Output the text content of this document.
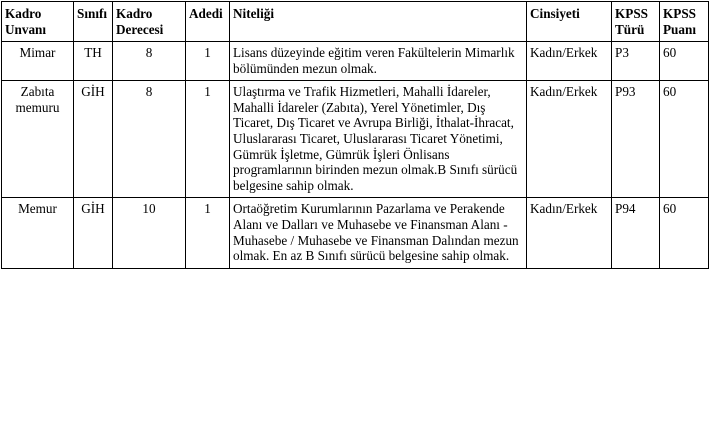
Kadro Unvanı	Sınıfı	Kadro Derecesi	Adedi	Niteliği	Cinsiyeti	KPSS Türü	KPSS Puanı

Mimar	TH	8	1	Lisans düzeyinde eğitim veren Fakültelerin Mimarlık bölümünden mezun olmak.	Kadın/Erkek	P3	60
Zabıta memuru	GİH	8	1	Ulaştırma ve Trafik Hizmetleri, Mahalli İdareler, Mahalli İdareler (Zabıta), Yerel Yönetimler, Dış Ticaret, Dış Ticaret ve Avrupa Birliği, İthalat-İhracat, Uluslararası Ticaret, Uluslararası Ticaret Yönetimi, Gümrük İşletme, Gümrük İşleri Önlisans programlarının birinden mezun olmak.B Sınıfı sürücü belgesine sahip olmak.	Kadın/Erkek	P93	60
Memur	GİH	10	1	Ortaöğretim Kurumlarının Pazarlama ve Perakende Alanı ve Dalları ve Muhasebe ve Finansman Alanı - Muhasebe / Muhasebe ve Finansman Dalından mezun olmak. En az B Sınıfı sürücü belgesine sahip olmak.	Kadın/Erkek	P94	60
